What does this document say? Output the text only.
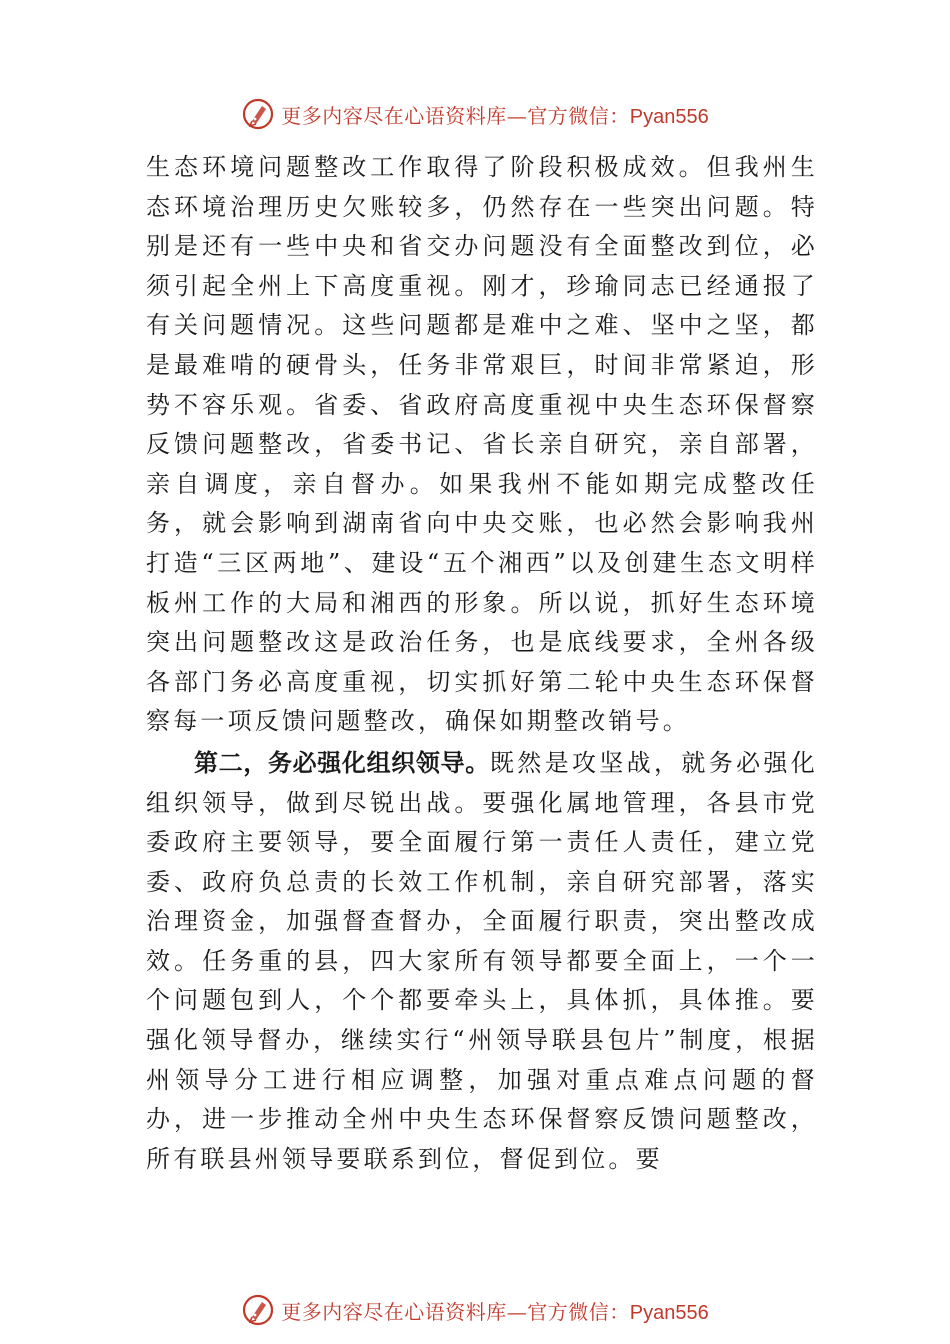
更多内容尽在心语资料库—官方微信：Pyan556

生态环境问题整改工作取得了阶段积极成效。但我州生态环境治理历史欠账较多，仍然存在一些突出问题。特别是还有一些中央和省交办问题没有全面整改到位，必须引起全州上下高度重视。刚才，珍瑜同志已经通报了有关问题情况。这些问题都是难中之难、坚中之坚，都是最难啃的硬骨头，任务非常艰巨，时间非常紧迫，形势不容乐观。省委、省政府高度重视中央生态环保督察反馈问题整改，省委书记、省长亲自研究，亲自部署，亲自调度，亲自督办。如果我州不能如期完成整改任务，就会影响到湖南省向中央交账，也必然会影响我州打造“三区两地”、建设“五个湘西”以及创建生态文明样板州工作的大局和湘西的形象。所以说，抓好生态环境突出问题整改这是政治任务，也是底线要求，全州各级各部门务必高度重视，切实抓好第二轮中央生态环保督察每一项反馈问题整改，确保如期整改销号。

第二，务必强化组织领导。既然是攻坚战，就务必强化组织领导，做到尽锐出战。要强化属地管理，各县市党委政府主要领导，要全面履行第一责任人责任，建立党委、政府负总责的长效工作机制，亲自研究部署，落实治理资金，加强督查督办，全面履行职责，突出整改成效。任务重的县，四大家所有领导都要全面上，一个一个问题包到人，个个都要牵头上，具体抓，具体推。要强化领导督办，继续实行“州领导联县包片”制度，根据州领导分工进行相应调整，加强对重点难点问题的督办，进一步推动全州中央生态环保督察反馈问题整改，所有联县州领导要联系到位，督促到位。要

更多内容尽在心语资料库—官方微信：Pyan556
